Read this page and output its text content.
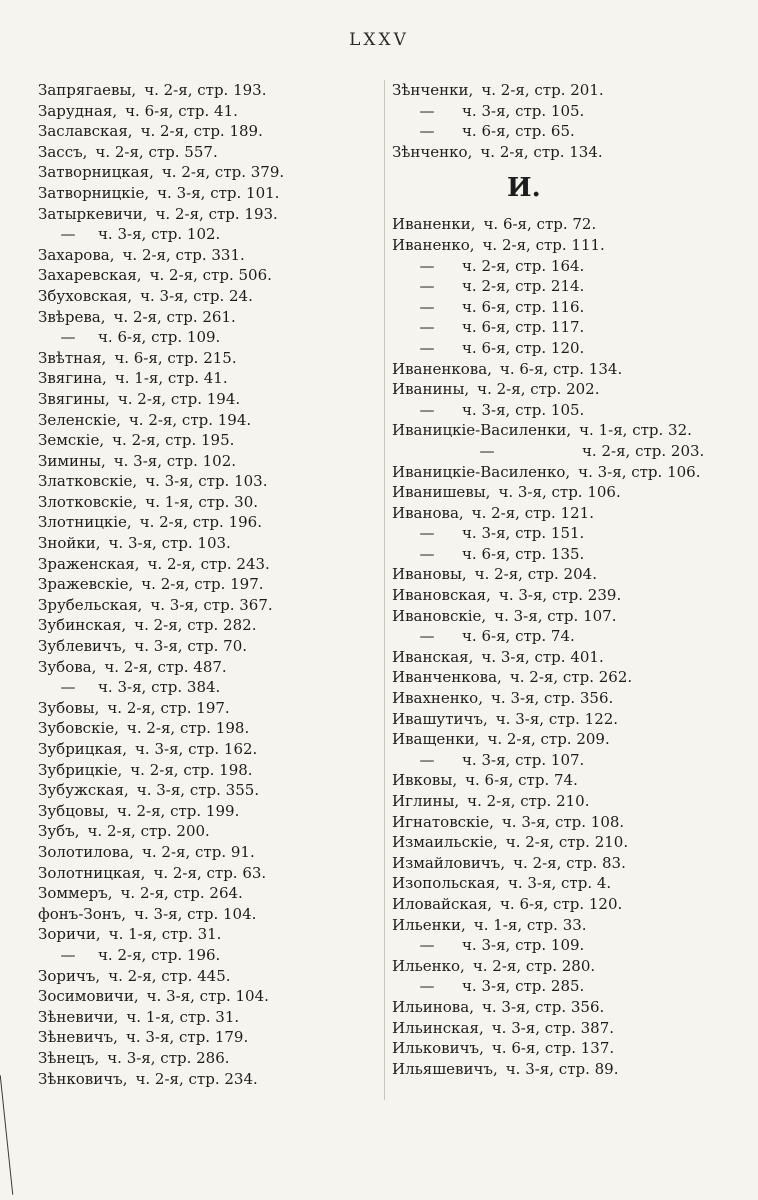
LXXV
Запрягаевы, ч. 2-я, стр. 193.
Зарудная, ч. 6-я, стр. 41.
Заславская, ч. 2-я, стр. 189.
Зассъ, ч. 2-я, стр. 557.
Затворницкая, ч. 2-я, стр. 379.
Затворницкіе, ч. 3-я, стр. 101.
Затыркевичи, ч. 2-я, стр. 193.
—	ч. 3-я, стр. 102.
Захарова, ч. 2-я, стр. 331.
Захаревская, ч. 2-я, стр. 506.
Збуховская, ч. 3-я, стр. 24.
Звѣрева, ч. 2-я, стр. 261.
—	ч. 6-я, стр. 109.
Звѣтная, ч. 6-я, стр. 215.
Звягина, ч. 1-я, стр. 41.
Звягины, ч. 2-я, стр. 194.
Зеленскіе, ч. 2-я, стр. 194.
Земскіе, ч. 2-я, стр. 195.
Зимины, ч. 3-я, стр. 102.
Златковскіе, ч. 3-я, стр. 103.
Злотковскіе, ч. 1-я, стр. 30.
Злотницкіе, ч. 2-я, стр. 196.
Знойки, ч. 3-я, стр. 103.
Зраженская, ч. 2-я, стр. 243.
Зражевскіе, ч. 2-я, стр. 197.
Зрубельская, ч. 3-я, стр. 367.
Зубинская, ч. 2-я, стр. 282.
Зублевичъ, ч. 3-я, стр. 70.
Зубова, ч. 2-я, стр. 487.
—	ч. 3-я, стр. 384.
Зубовы, ч. 2-я, стр. 197.
Зубовскіе, ч. 2-я, стр. 198.
Зубрицкая, ч. 3-я, стр. 162.
Зубрицкіе, ч. 2-я, стр. 198.
Зубужская, ч. 3-я, стр. 355.
Зубцовы, ч. 2-я, стр. 199.
Зубъ, ч. 2-я, стр. 200.
Золотилова, ч. 2-я, стр. 91.
Золотницкая, ч. 2-я, стр. 63.
Зоммеръ, ч. 2-я, стр. 264.
фонъ-Зонъ, ч. 3-я, стр. 104.
Зоричи, ч. 1-я, стр. 31.
—	ч. 2-я, стр. 196.
Зоричъ, ч. 2-я, стр. 445.
Зосимовичи, ч. 3-я, стр. 104.
Зѣневичи, ч. 1-я, стр. 31.
Зѣневичъ, ч. 3-я, стр. 179.
Зѣнецъ, ч. 3-я, стр. 286.
Зѣнковичъ, ч. 2-я, стр. 234.
Зѣнченки, ч. 2-я, стр. 201.
—	ч. 3-я, стр. 105.
—	ч. 6-я, стр. 65.
Зѣнченко, ч. 2-я, стр. 134.
И.
Иваненки, ч. 6-я, стр. 72.
Иваненко, ч. 2-я, стр. 111.
—	ч. 2-я, стр. 164.
—	ч. 2-я, стр. 214.
—	ч. 6-я, стр. 116.
—	ч. 6-я, стр. 117.
—	ч. 6-я, стр. 120.
Иваненкова, ч. 6-я, стр. 134.
Иванины, ч. 2-я, стр. 202.
—	ч. 3-я, стр. 105.
Иваницкіе-Василенки, ч. 1-я, стр. 32.
—	ч. 2-я, стр. 203.
Иваницкіе-Василенко, ч. 3-я, стр. 106.
Иванишевы, ч. 3-я, стр. 106.
Иванова, ч. 2-я, стр. 121.
—	ч. 3-я, стр. 151.
—	ч. 6-я, стр. 135.
Ивановы, ч. 2-я, стр. 204.
Ивановская, ч. 3-я, стр. 239.
Ивановскіе, ч. 3-я, стр. 107.
—	ч. 6-я, стр. 74.
Иванская, ч. 3-я, стр. 401.
Иванченкова, ч. 2-я, стр. 262.
Ивахненко, ч. 3-я, стр. 356.
Ивашутичъ, ч. 3-я, стр. 122.
Иващенки, ч. 2-я, стр. 209.
—	ч. 3-я, стр. 107.
Ивковы, ч. 6-я, стр. 74.
Иглины, ч. 2-я, стр. 210.
Игнатовскіе, ч. 3-я, стр. 108.
Измаильскіе, ч. 2-я, стр. 210.
Измайловичъ, ч. 2-я, стр. 83.
Изопольская, ч. 3-я, стр. 4.
Иловайская, ч. 6-я, стр. 120.
Ильенки, ч. 1-я, стр. 33.
—	ч. 3-я, стр. 109.
Ильенко, ч. 2-я, стр. 280.
—	ч. 3-я, стр. 285.
Ильинова, ч. 3-я, стр. 356.
Ильинская, ч. 3-я, стр. 387.
Ильковичъ, ч. 6-я, стр. 137.
Ильяшевичъ, ч. 3-я, стр. 89.
